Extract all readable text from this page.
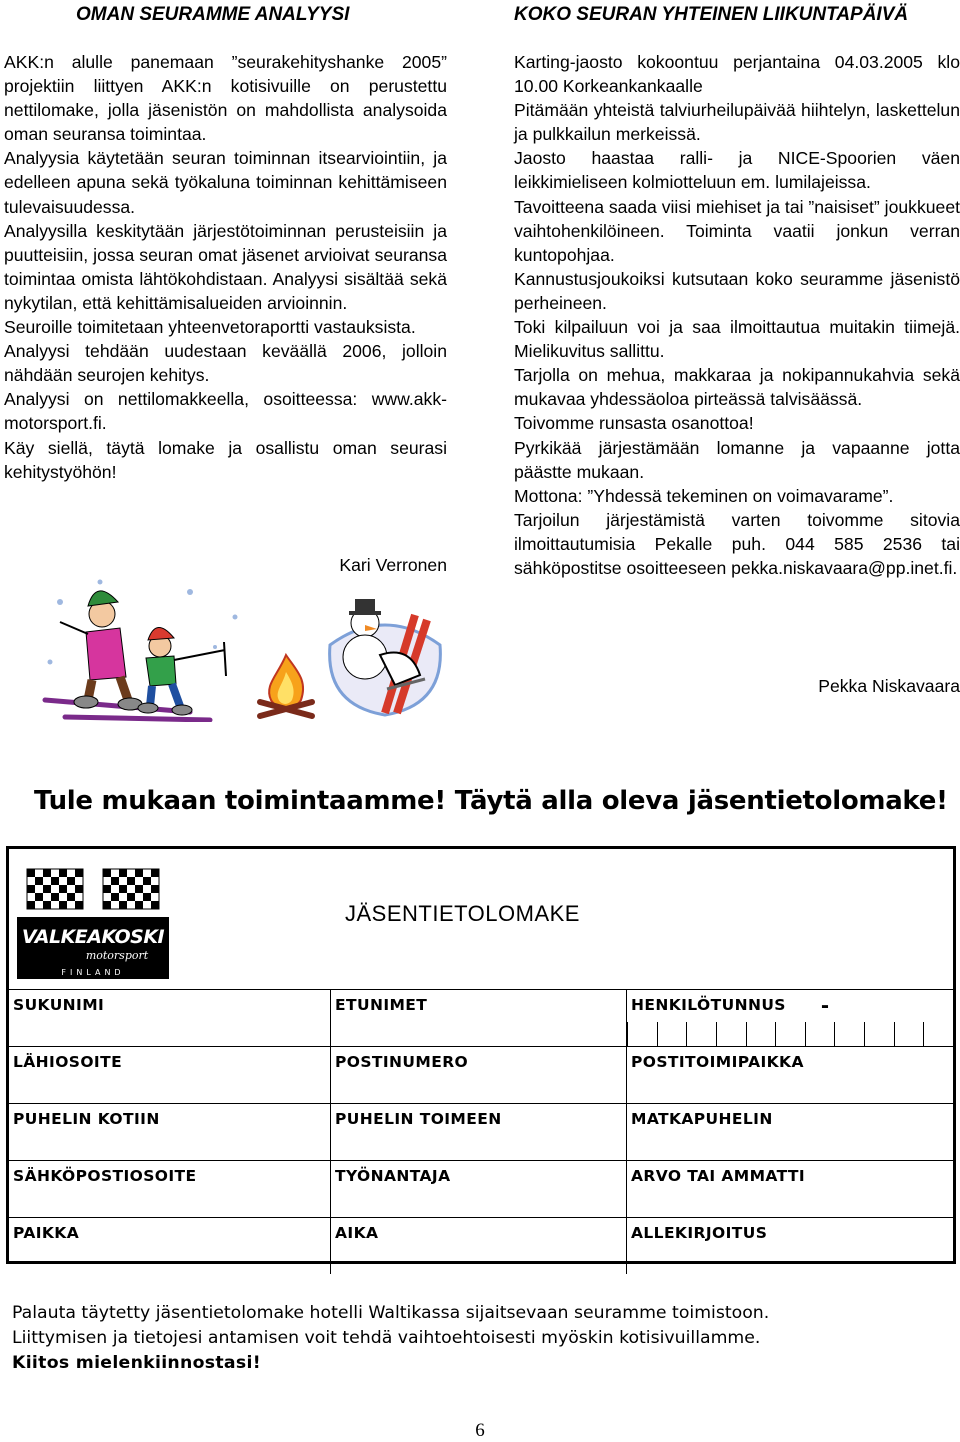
OMAN SEURAMME ANALYYSI

AKK:n alulle panemaan ”seurakehityshanke 2005” projektiin liittyen AKK:n kotisivuille on perustettu nettilomake, jolla jäsenistön on mahdollista analysoida oman seuransa toimintaa.

Analyysia käytetään seuran toiminnan itsearviointiin, ja edelleen apuna sekä työkaluna toiminnan kehittämiseen tulevaisuudessa.

Analyysilla keskitytään järjestötoiminnan perusteisiin ja puutteisiin, jossa seuran omat jäsenet arvioivat seuransa toimintaa omista lähtökohdistaan. Analyysi sisältää sekä nykytilan, että kehittämisalueiden arvioinnin.

Seuroille toimitetaan yhteenvetoraportti vastauksista.

Analyysi tehdään uudestaan keväällä 2006, jolloin nähdään seurojen kehitys.

Analyysi on nettilomakkeella, osoitteessa: www.akk-motorsport.fi.

Käy siellä, täytä lomake ja osallistu oman seurasi kehitystyöhön!

Kari Verronen
KOKO SEURAN YHTEINEN LIIKUNTAPÄIVÄ

Karting-jaosto kokoontuu perjantaina 04.03.2005 klo 10.00 Korkeankankaalle

Pitämään yhteistä talviurheilupäivää hiihtelyn, laskettelun ja pulkkailun merkeissä.

Jaosto haastaa ralli- ja NICE-Spoorien väen leikkimieliseen kolmiotteluun em. lumilajeissa.

Tavoitteena saada viisi miehiset ja tai ”naisiset” joukkueet vaihtohenkilöineen. Toiminta vaatii jonkun verran kuntopohjaa.

Kannustusjoukoiksi kutsutaan koko seuramme jäsenistö perheineen.

Toki kilpailuun voi ja saa ilmoittautua muitakin tiimejä. Mielikuvitus sallittu.

Tarjolla on mehua, makkaraa ja nokipannukahvia sekä mukavaa yhdessäoloa pirteässä talvisäässä.

Toivomme runsasta osanottoa!

Pyrkikää järjestämään lomanne ja vapaanne jotta päästte mukaan.

Mottona: ”Yhdessä tekeminen on voimavarame”.

Tarjoilun järjestämistä varten toivomme sitovia ilmoittautumisia Pekalle puh. 044 585 2536 tai sähköpostitse osoitteeseen pekka.niskavaara@pp.inet.fi.

Pekka Niskavaara
Tule mukaan toimintaamme! Täytä alla oleva jäsentietolomake!
VALKEAKOSKI
motorsport
FINLAND
JÄSENTIETOLOMAKE
SUKUNIMI	ETUNIMET	HENKILÖTUNNUS -
LÄHIOSOITE	POSTINUMERO	POSTITOIMIPAIKKA
PUHELIN KOTIIN	PUHELIN TOIMEEN	MATKAPUHELIN
SÄHKÖPOSTIOSOITE	TYÖNANTAJA	ARVO TAI AMMATTI
PAIKKA	AIKA	ALLEKIRJOITUS
Palauta täytetty jäsentietolomake hotelli Waltikassa sijaitsevaan seuramme toimistoon.
Liittymisen ja tietojesi antamisen voit tehdä vaihtoehtoisesti myöskin kotisivuillamme.
Kiitos mielenkiinnostasi!
6
